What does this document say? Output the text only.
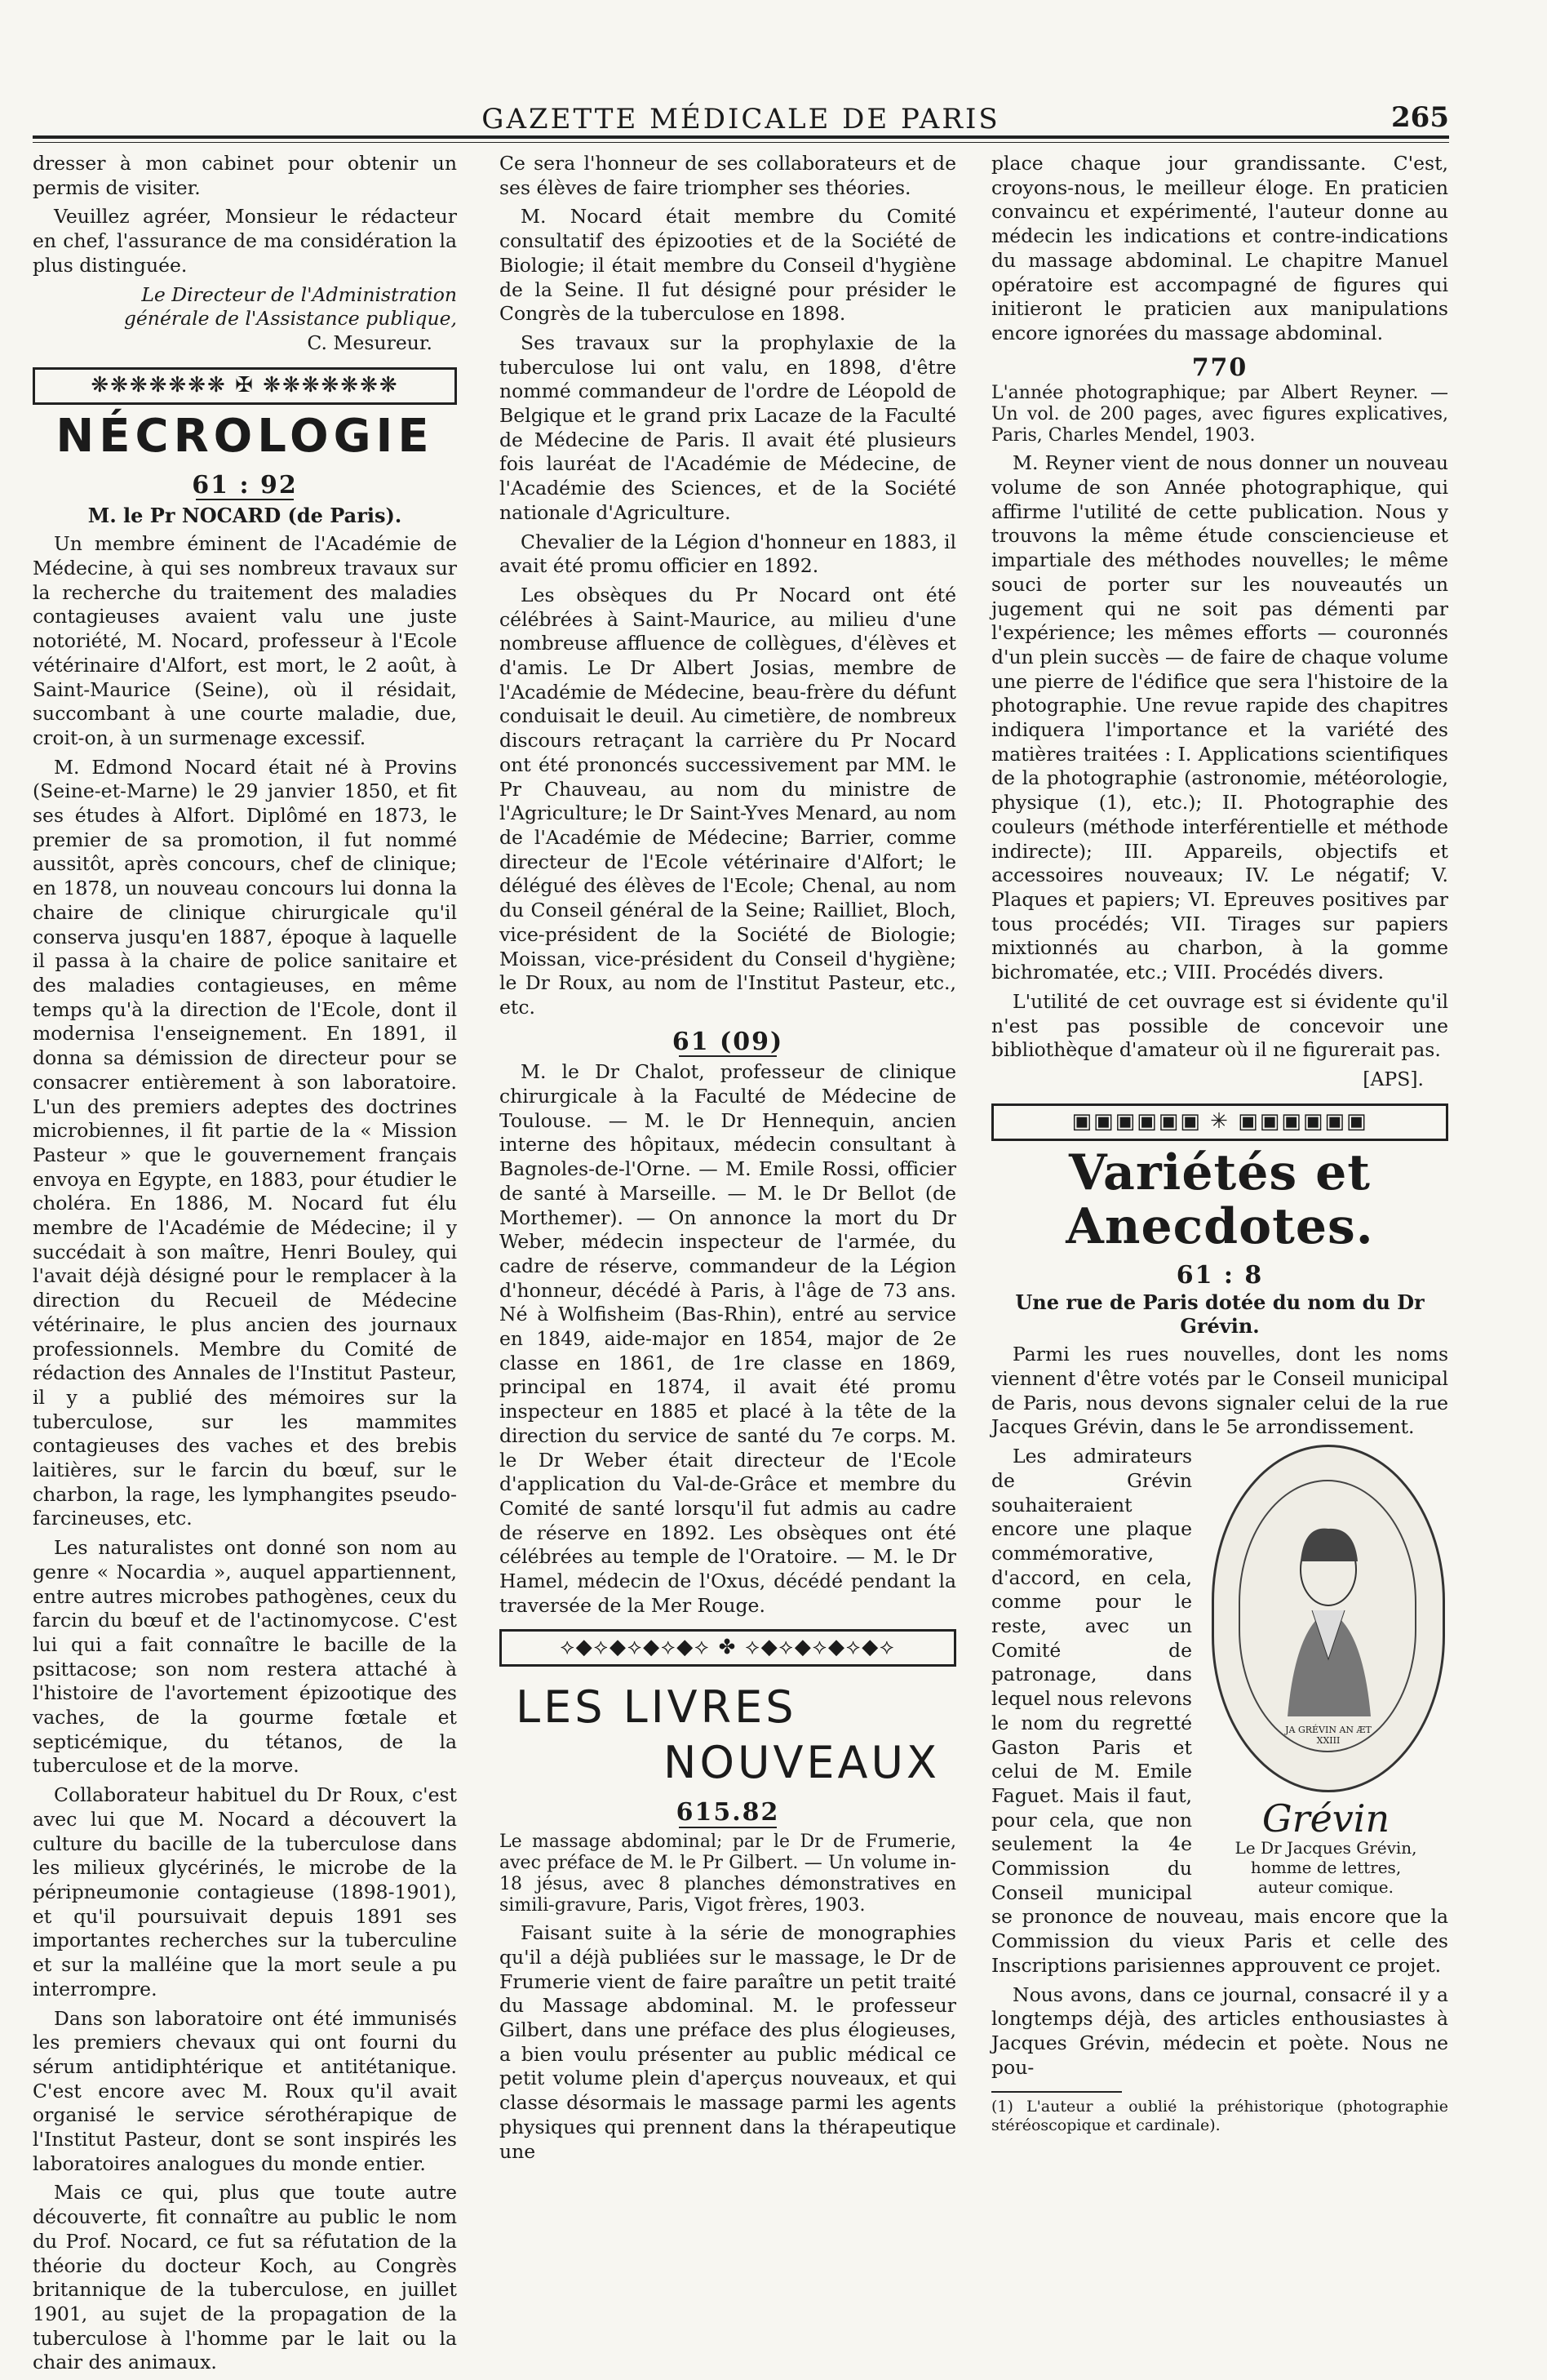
GAZETTE MÉDICALE DE PARIS	265

dresser à mon cabinet pour obtenir un permis de visiter.

Veuillez agréer, Monsieur le rédacteur en chef, l'assurance de ma considération la plus distinguée.

Le Directeur de l'Administration

générale de l'Assistance publique,

C. Mesureur.

❋❋❋❋❋❋❋ ✠ ❋❋❋❋❋❋❋
NÉCROLOGIE
61 : 92
M. le Pr NOCARD (de Paris).

Un membre éminent de l'Académie de Médecine, à qui ses nombreux travaux sur la recherche du traitement des maladies contagieuses avaient valu une juste notoriété, M. Nocard, professeur à l'Ecole vétérinaire d'Alfort, est mort, le 2 août, à Saint-Maurice (Seine), où il résidait, succombant à une courte maladie, due, croit-on, à un surmenage excessif.

M. Edmond Nocard était né à Provins (Seine-et-Marne) le 29 janvier 1850, et fit ses études à Alfort. Diplômé en 1873, le premier de sa promotion, il fut nommé aussitôt, après concours, chef de clinique; en 1878, un nouveau concours lui donna la chaire de clinique chirurgicale qu'il conserva jusqu'en 1887, époque à laquelle il passa à la chaire de police sanitaire et des maladies contagieuses, en même temps qu'à la direction de l'Ecole, dont il modernisa l'enseignement. En 1891, il donna sa démission de directeur pour se consacrer entièrement à son laboratoire. L'un des premiers adeptes des doctrines microbiennes, il fit partie de la « Mission Pasteur » que le gouvernement français envoya en Egypte, en 1883, pour étudier le choléra. En 1886, M. Nocard fut élu membre de l'Académie de Médecine; il y succédait à son maître, Henri Bouley, qui l'avait déjà désigné pour le remplacer à la direction du Recueil de Médecine vétérinaire, le plus ancien des journaux professionnels. Membre du Comité de rédaction des Annales de l'Institut Pasteur, il y a publié des mémoires sur la tuberculose, sur les mammites contagieuses des vaches et des brebis laitières, sur le farcin du bœuf, sur le charbon, la rage, les lymphangites pseudo-farcineuses, etc.

Les naturalistes ont donné son nom au genre « Nocardia », auquel appartiennent, entre autres microbes pathogènes, ceux du farcin du bœuf et de l'actinomycose. C'est lui qui a fait connaître le bacille de la psittacose; son nom restera attaché à l'histoire de l'avortement épizootique des vaches, de la gourme fœtale et septicémique, du tétanos, de la tuberculose et de la morve.

Collaborateur habituel du Dr Roux, c'est avec lui que M. Nocard a découvert la culture du bacille de la tuberculose dans les milieux glycérinés, le microbe de la péripneumonie contagieuse (1898-1901), et qu'il poursuivait depuis 1891 ses importantes recherches sur la tuberculine et sur la malléine que la mort seule a pu interrompre.

Dans son laboratoire ont été immunisés les premiers chevaux qui ont fourni du sérum antidiphtérique et antitétanique. C'est encore avec M. Roux qu'il avait organisé le service sérothérapique de l'Institut Pasteur, dont se sont inspirés les laboratoires analogues du monde entier.

Mais ce qui, plus que toute autre découverte, fit connaître au public le nom du Prof. Nocard, ce fut sa réfutation de la théorie du docteur Koch, au Congrès britannique de la tuberculose, en juillet 1901, au sujet de la propagation de la tuberculose à l'homme par le lait ou la chair des animaux.

Ce sera l'honneur de ses collaborateurs et de ses élèves de faire triompher ses théories.

M. Nocard était membre du Comité consultatif des épizooties et de la Société de Biologie; il était membre du Conseil d'hygiène de la Seine. Il fut désigné pour présider le Congrès de la tuberculose en 1898.

Ses travaux sur la prophylaxie de la tuberculose lui ont valu, en 1898, d'être nommé commandeur de l'ordre de Léopold de Belgique et le grand prix Lacaze de la Faculté de Médecine de Paris. Il avait été plusieurs fois lauréat de l'Académie de Médecine, de l'Académie des Sciences, et de la Société nationale d'Agriculture.

Chevalier de la Légion d'honneur en 1883, il avait été promu officier en 1892.

Les obsèques du Pr Nocard ont été célébrées à Saint-Maurice, au milieu d'une nombreuse affluence de collègues, d'élèves et d'amis. Le Dr Albert Josias, membre de l'Académie de Médecine, beau-frère du défunt conduisait le deuil. Au cimetière, de nombreux discours retraçant la carrière du Pr Nocard ont été prononcés successivement par MM. le Pr Chauveau, au nom du ministre de l'Agriculture; le Dr Saint-Yves Menard, au nom de l'Académie de Médecine; Barrier, comme directeur de l'Ecole vétérinaire d'Alfort; le délégué des élèves de l'Ecole; Chenal, au nom du Conseil général de la Seine; Railliet, Bloch, vice-président de la Société de Biologie; Moissan, vice-président du Conseil d'hygiène; le Dr Roux, au nom de l'Institut Pasteur, etc., etc.

61 (09)

M. le Dr Chalot, professeur de clinique chirurgicale à la Faculté de Médecine de Toulouse. — M. le Dr Hennequin, ancien interne des hôpitaux, médecin consultant à Bagnoles-de-l'Orne. — M. Emile Rossi, officier de santé à Marseille. — M. le Dr Bellot (de Morthemer). — On annonce la mort du Dr Weber, médecin inspecteur de l'armée, du cadre de réserve, commandeur de la Légion d'honneur, décédé à Paris, à l'âge de 73 ans. Né à Wolfisheim (Bas-Rhin), entré au service en 1849, aide-major en 1854, major de 2e classe en 1861, de 1re classe en 1869, principal en 1874, il avait été promu inspecteur en 1885 et placé à la tête de la direction du service de santé du 7e corps. M. le Dr Weber était directeur de l'Ecole d'application du Val-de-Grâce et membre du Comité de santé lorsqu'il fut admis au cadre de réserve en 1892. Les obsèques ont été célébrées au temple de l'Oratoire. — M. le Dr Hamel, médecin de l'Oxus, décédé pendant la traversée de la Mer Rouge.

⟡◆⟡◆⟡◆⟡◆⟡ ✤ ⟡◆⟡◆⟡◆⟡◆⟡
LES LIVRES
NOUVEAUX
615.82

Le massage abdominal; par le Dr de Frumerie, avec préface de M. le Pr Gilbert. — Un volume in-18 jésus, avec 8 planches démonstratives en simili-gravure, Paris, Vigot frères, 1903.

Faisant suite à la série de monographies qu'il a déjà publiées sur le massage, le Dr de Frumerie vient de faire paraître un petit traité du Massage abdominal. M. le professeur Gilbert, dans une préface des plus élogieuses, a bien voulu présenter au public médical ce petit volume plein d'aperçus nouveaux, et qui classe désormais le massage parmi les agents physiques qui prennent dans la thérapeutique une

place chaque jour grandissante. C'est, croyons-nous, le meilleur éloge. En praticien convaincu et expérimenté, l'auteur donne au médecin les indications et contre-indications du massage abdominal. Le chapitre Manuel opératoire est accompagné de figures qui initieront le praticien aux manipulations encore ignorées du massage abdominal.

770

L'année photographique; par Albert Reyner. — Un vol. de 200 pages, avec figures explicatives, Paris, Charles Mendel, 1903.

M. Reyner vient de nous donner un nouveau volume de son Année photographique, qui affirme l'utilité de cette publication. Nous y trouvons la même étude consciencieuse et impartiale des méthodes nouvelles; le même souci de porter sur les nouveautés un jugement qui ne soit pas démenti par l'expérience; les mêmes efforts — couronnés d'un plein succès — de faire de chaque volume une pierre de l'édifice que sera l'histoire de la photographie. Une revue rapide des chapitres indiquera l'importance et la variété des matières traitées : I. Applications scientifiques de la photographie (astronomie, météorologie, physique (1), etc.); II. Photographie des couleurs (méthode interférentielle et méthode indirecte); III. Appareils, objectifs et accessoires nouveaux; IV. Le négatif; V. Plaques et papiers; VI. Epreuves positives par tous procédés; VII. Tirages sur papiers mixtionnés au charbon, à la gomme bichromatée, etc.; VIII. Procédés divers.

L'utilité de cet ouvrage est si évidente qu'il n'est pas possible de concevoir une bibliothèque d'amateur où il ne figurerait pas.

[APS].

▣▣▣▣▣▣ ✳ ▣▣▣▣▣▣
Variétés et Anecdotes.
61 : 8
Une rue de Paris dotée du nom du Dr Grévin.

Parmi les rues nouvelles, dont les noms viennent d'être votés par le Conseil municipal de Paris, nous devons signaler celui de la rue Jacques Grévin, dans le 5e arrondissement.

JA GRÉVIN AN ÆT XXIII
Grévin
Le Dr Jacques Grévin,
homme de lettres,
auteur comique.

Les admirateurs de Grévin souhaiteraient encore une plaque commémorative, d'accord, en cela, comme pour le reste, avec un Comité de patronage, dans lequel nous relevons le nom du regretté Gaston Paris et celui de M. Emile Faguet. Mais il faut, pour cela, que non seulement la 4e Commission du Conseil municipal se prononce de nouveau, mais encore que la Commission du vieux Paris et celle des Inscriptions parisiennes approuvent ce projet.

Nous avons, dans ce journal, consacré il y a longtemps déjà, des articles enthousiastes à Jacques Grévin, médecin et poète. Nous ne pou-

(1) L'auteur a oublié la préhistorique (photographie stéréoscopique et cardinale).
